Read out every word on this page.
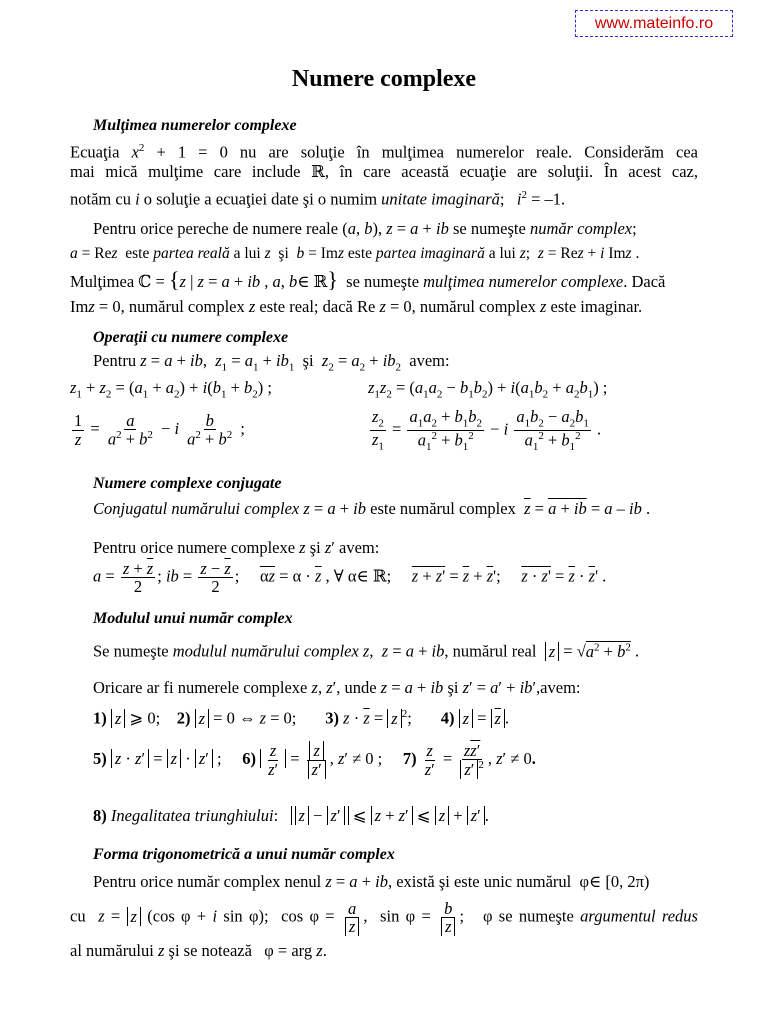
www.mateinfo.ro
Numere complexe
Mulţimea numerelor complexe
Ecuaţia $x^2 + 1 = 0$ nu are soluţie în mulţimea numerelor reale. Considerăm cea
mai mică mulţime care include ℝ, în care această ecuaţie are soluţii. În acest caz,
notăm cu i o soluţie a ecuaţiei date şi o numim unitate imaginară;   $i^2 = -1$.
Pentru orice pereche de numere reale (a, b), z = a + ib se numeşte număr complex;
a = Rez  este partea reală a lui z  şi  b = Imz este partea imaginară a lui z;  z = Rez + i Imz .
Mulţimea ℂ = {z | z = a + ib , a, b∈ ℝ}  se numeşte mulţimea numerelor complexe. Dacă
Imz = 0, numărul complex z este real; dacă Re z = 0, numărul complex z este imaginar.
Operaţii cu numere complexe
Pentru z = a + ib,  $z_1 = a_1 + ib_1$  şi  $z_2 = a_2 + ib_2$  avem:
$z_1 + z_2 = (a_1 + a_2) + i(b_1 + b_2)$ ;	$z_1z_2 = (a_1a_2 - b_1b_2) + i(a_1b_2 + a_2b_1)$ ;
$\frac{1}{z} = \frac{a}{a^2 + b^2} - i \frac{b}{a^2 + b^2}$ ;	$\frac{z_2}{z_1} = \frac{a_1a_2 + b_1b_2}{a_1^2 + b_1^2} - i \frac{a_1b_2 - a_2b_1}{a_1^2 + b_1^2}$ .
Numere complexe conjugate
Conjugatul numărului complex z = a + ib este numărul complex  $\overline{z} = a$ + ib = a – ib .
Pentru orice numere complexe z şi z′ avem:
$a = \frac{z + \overline{z}}{2}$ ; ib = $\frac{z - \overline{z}}{2}$ ;     $\alpha z = \alpha \cdot \overline{z}$ , ∀ α∈ ℝ;     $z + z' = \overline{z} + \overline{z}'$;     $z \cdot z' = \overline{z} \cdot \overline{z}'$ .
Modulul unui număr complex
Se numeşte modulul numărului complex z,  z = a + ib, numărul real  $z = √a^2 + b^2$ .
Oricare ar fi numerele complexe z, z′, unde z = a + ib şi z′ = a′ + ib′,avem:
1) z ⩾ 0;    2) z = 0 ⇔ z = 0;       3) $z \cdot \overline{z} = z$ $^2$;       4) $z = \overline{z}$ .
5) z · z′ = z · z′ ;     $6) \frac{z}{z'} = \frac{z}{z'}$ , z′ ≠ 0 ;     $7) \frac{z}{z'} = \frac{zz'}{z' ^2}$ , z′ ≠ 0.
8) Inegalitatea triunghiului:   z − z′ ⩽ z + z′ ⩽ z + z′ .
Forma trigonometrică a unui număr complex
Pentru orice număr complex nenul z = a + ib, există şi este unic numărul  φ∈ [0, 2π)
cu  z = z (cos φ + i sin φ);  $\cos \varphi = \frac{a}{z}$ ,  $\sin \varphi = \frac{b}{z}$ ;   φ se numeşte argumentul redus
al numărului z şi se notează   φ = arg z.
